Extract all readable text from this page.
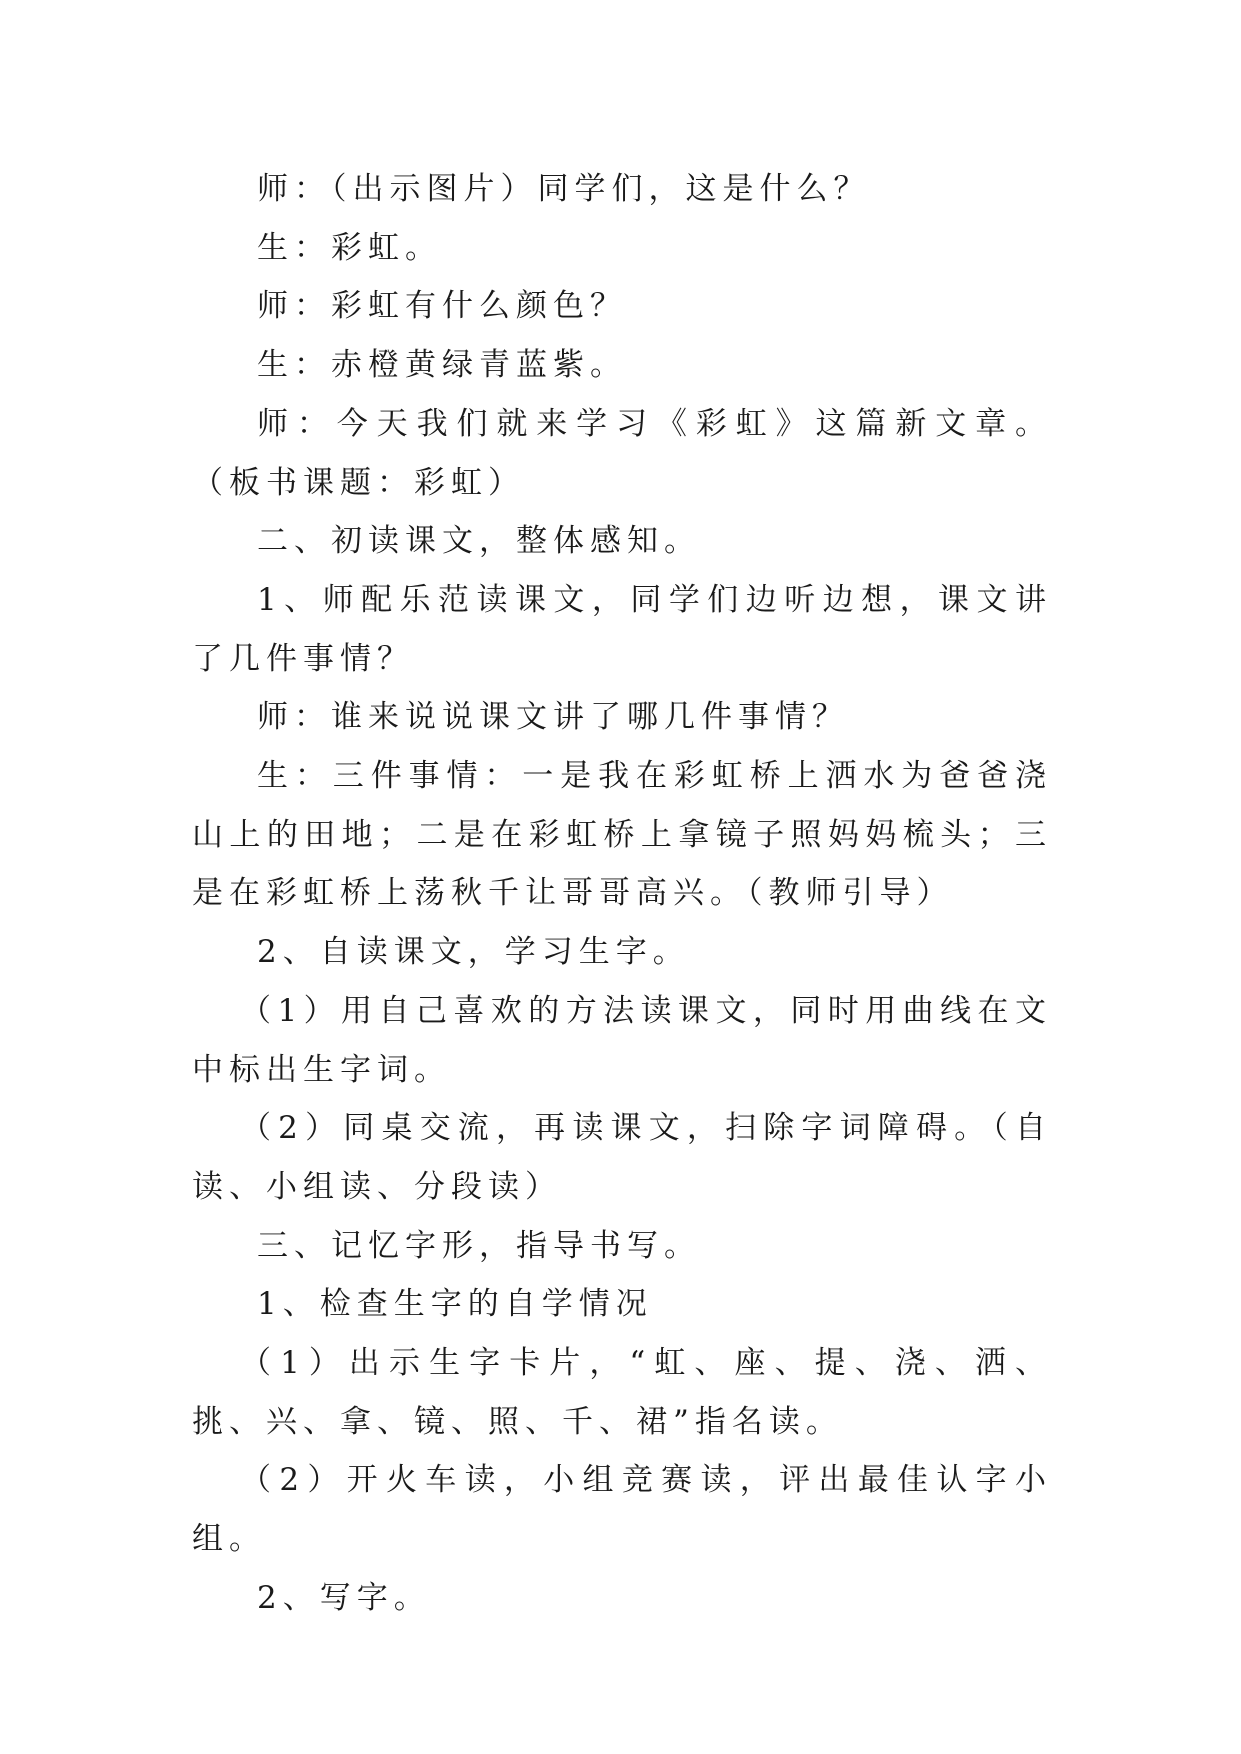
师：（出示图片）同学们，这是什么？

生：彩虹。

师：彩虹有什么颜色？

生：赤橙黄绿青蓝紫。

师：今天我们就来学习《彩虹》这篇新文章。（板书课题：彩虹）

二、初读课文，整体感知。

1、师配乐范读课文，同学们边听边想，课文讲了几件事情？

师：谁来说说课文讲了哪几件事情？

生：三件事情：一是我在彩虹桥上洒水为爸爸浇山上的田地；二是在彩虹桥上拿镜子照妈妈梳头；三是在彩虹桥上荡秋千让哥哥高兴。（教师引导）

2、自读课文，学习生字。

（1）用自己喜欢的方法读课文，同时用曲线在文中标出生字词。

（2）同桌交流，再读课文，扫除字词障碍。（自读、小组读、分段读）

三、记忆字形，指导书写。

1、检查生字的自学情况

（1）出示生字卡片，“虹、座、提、浇、洒、挑、兴、拿、镜、照、千、裙”指名读。

（2）开火车读，小组竞赛读，评出最佳认字小组。

2、写字。
